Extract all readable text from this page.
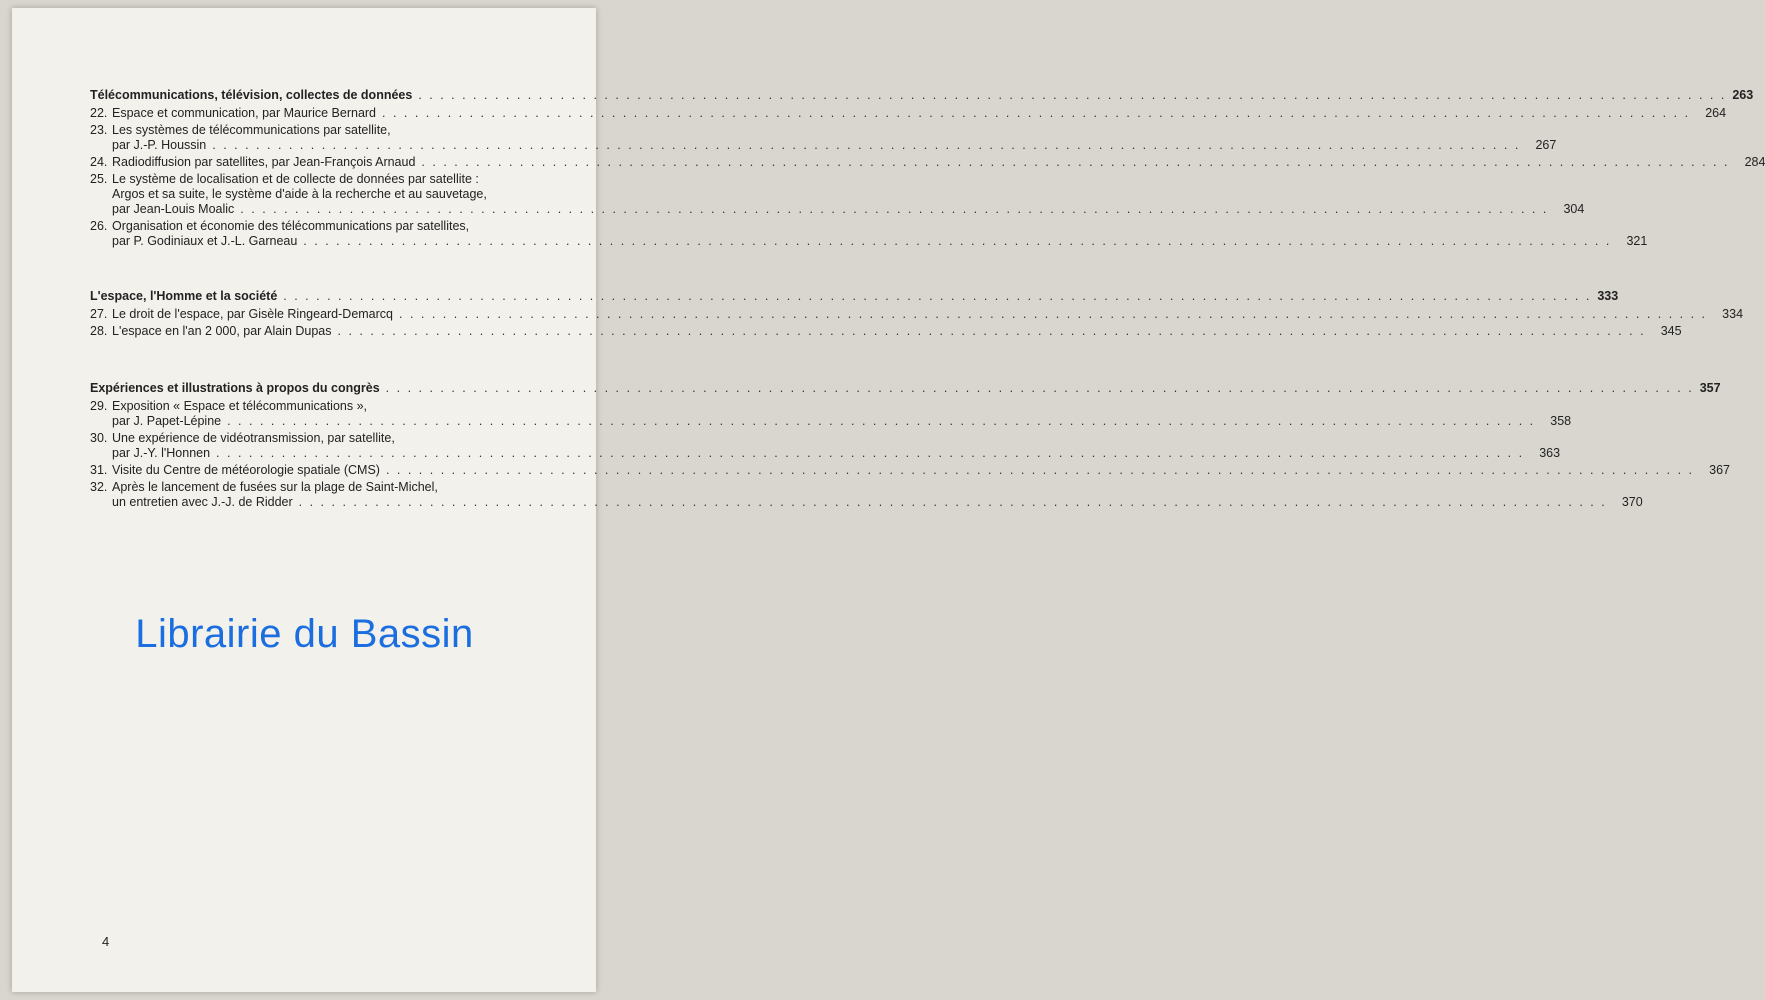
Télécommunications, télévision, collectes de données . . .	263
22. Espace et communication, par Maurice Bernard . . .	264
23. Les systèmes de télécommunications par satellite,
par J.-P. Houssin . . .	267
24. Radiodiffusion par satellites, par Jean-François Arnaud . . .	284
25. Le système de localisation et de collecte de données par satellite :
Argos et sa suite, le système d'aide à la recherche et au sauvetage,
par Jean-Louis Moalic . . .	304
26. Organisation et économie des télécommunications par satellites,
par P. Godiniaux et J.-L. Garneau . . .	321
L'espace, l'Homme et la société . . .	333
27. Le droit de l'espace, par Gisèle Ringeard-Demarcq . . .	334
28. L'espace en l'an 2 000, par Alain Dupas . . .	345
Expériences et illustrations à propos du congrès . . .	357
29. Exposition « Espace et télécommunications »,
par J. Papet-Lépine . . .	358
30. Une expérience de vidéotransmission, par satellite,
par J.-Y. l'Honnen . . .	363
31. Visite du Centre de météorologie spatiale (CMS) . . .	367
32. Après le lancement de fusées sur la plage de Saint-Michel,
un entretien avec J.-J. de Ridder . . .	370
4
Librairie du Bassin
